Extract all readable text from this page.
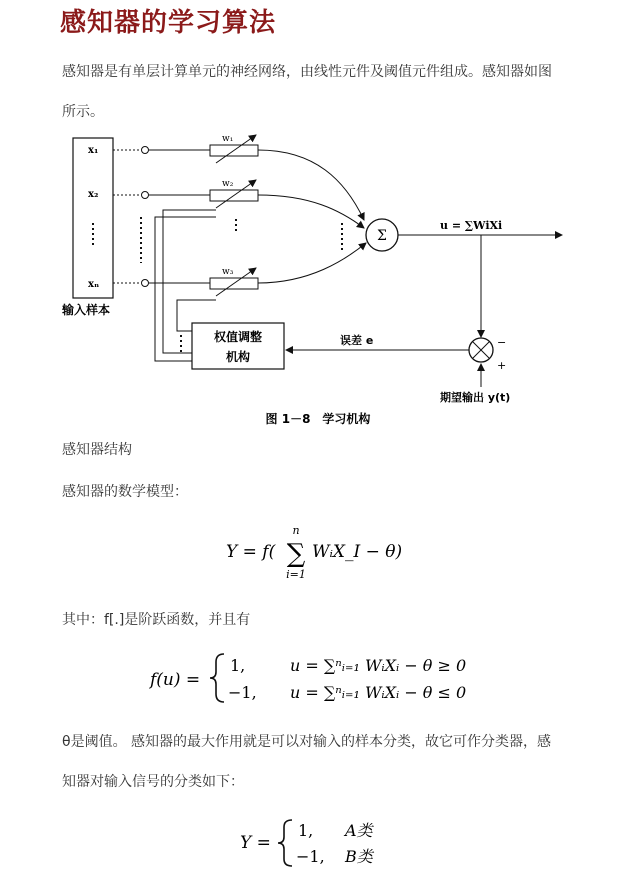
感知器的学习算法

感知器是有单层计算单元的神经网络，由线性元件及阈值元件组成。感知器如图所示。

x₁
x₂
xₙ
输入样本
w₁
w₂
w₃
Σ
u = ∑WiXi
−
+
期望输出 y(t)
误差 e
权值调整
机构
图 1－8　学习机构

感知器结构

感知器的数学模型：

Y = f(
n
∑
i=1
WᵢX_I − θ)

其中：f[.]是阶跃函数，并且有

f(u) =
1,	u = ∑ⁿᵢ₌₁ WᵢXᵢ − θ ≥ 0
−1, u = ∑ⁿᵢ₌₁ WᵢXᵢ − θ ≤ 0

θ是阈值。 感知器的最大作用就是可以对输入的样本分类，故它可作分类器，感知器对输入信号的分类如下：

Y =
1, A类
−1, B类
